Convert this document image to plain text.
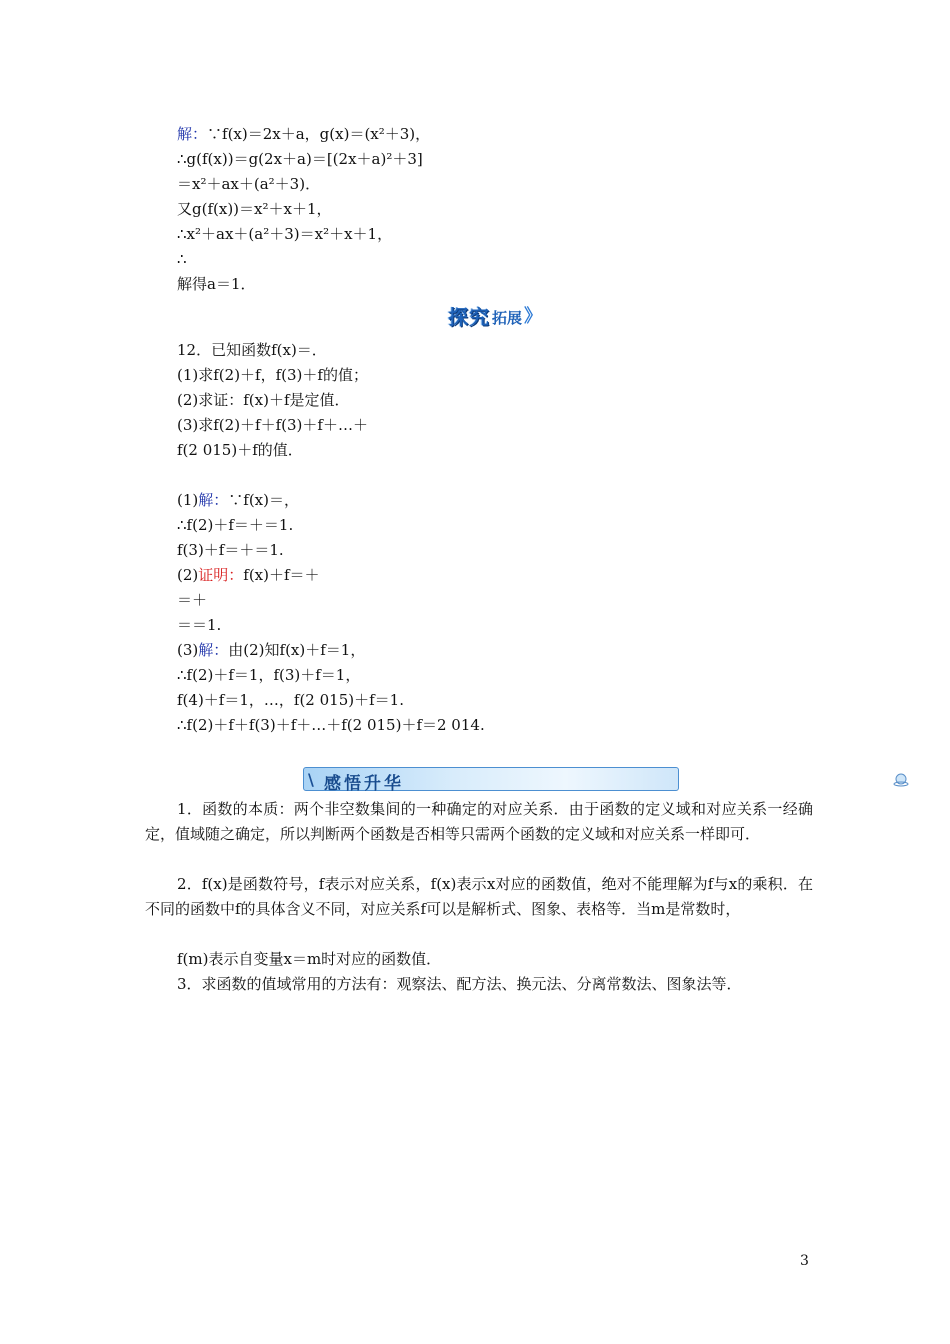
解：∵f(x)＝2x＋a，g(x)＝(x²＋3)，
∴g(f(x))＝g(2x＋a)＝[(2x＋a)²＋3]
＝x²＋ax＋(a²＋3)．
又g(f(x))＝x²＋x＋1，
∴x²＋ax＋(a²＋3)＝x²＋x＋1，
∴
解得a＝1．
探究 拓展 》
12．已知函数f(x)＝．
(1)求f(2)＋f，f(3)＋f的值；
(2)求证：f(x)＋f是定值．
(3)求f(2)＋f＋f(3)＋f＋…＋
f(2 015)＋f的值．
(1)解：∵f(x)＝，
∴f(2)＋f＝＋＝1.
f(3)＋f＝＋＝1.
(2)证明：f(x)＋f＝＋
＝＋
＝＝1.
(3)解：由(2)知f(x)＋f＝1，
∴f(2)＋f＝1，f(3)＋f＝1，
f(4)＋f＝1，…，f(2 015)＋f＝1.
∴f(2)＋f＋f(3)＋f＋…＋f(2 015)＋f＝2 014.
\ 感悟升华
1．函数的本质：两个非空数集间的一种确定的对应关系．由于函数的定义域和对应关系一经确定，值域随之确定，所以判断两个函数是否相等只需两个函数的定义域和对应关系一样即可．
2．f(x)是函数符号，f表示对应关系，f(x)表示x对应的函数值，绝对不能理解为f与x的乘积．在不同的函数中f的具体含义不同，对应关系f可以是解析式、图象、表格等．当m是常数时，
f(m)表示自变量x＝m时对应的函数值．
3．求函数的值域常用的方法有：观察法、配方法、换元法、分离常数法、图象法等．
3
